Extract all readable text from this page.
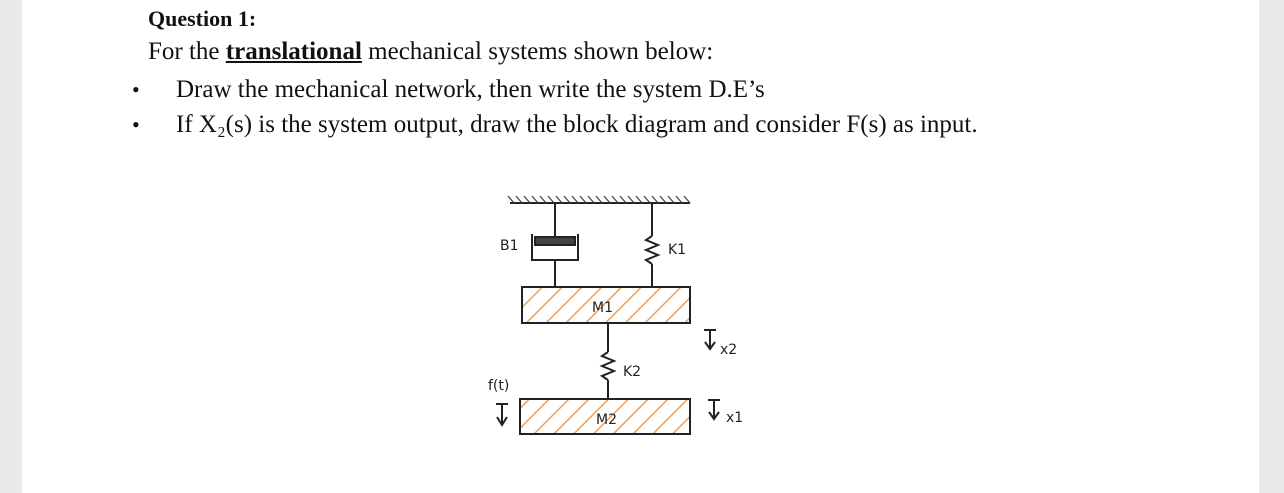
Question 1:
For the translational mechanical systems shown below:
• Draw the mechanical network, then write the system D.E’s
• If X₂(s) is the system output, draw the block diagram and consider F(s) as input.
B1	K1
M1
x2
K2
f(t)
M2	x1
